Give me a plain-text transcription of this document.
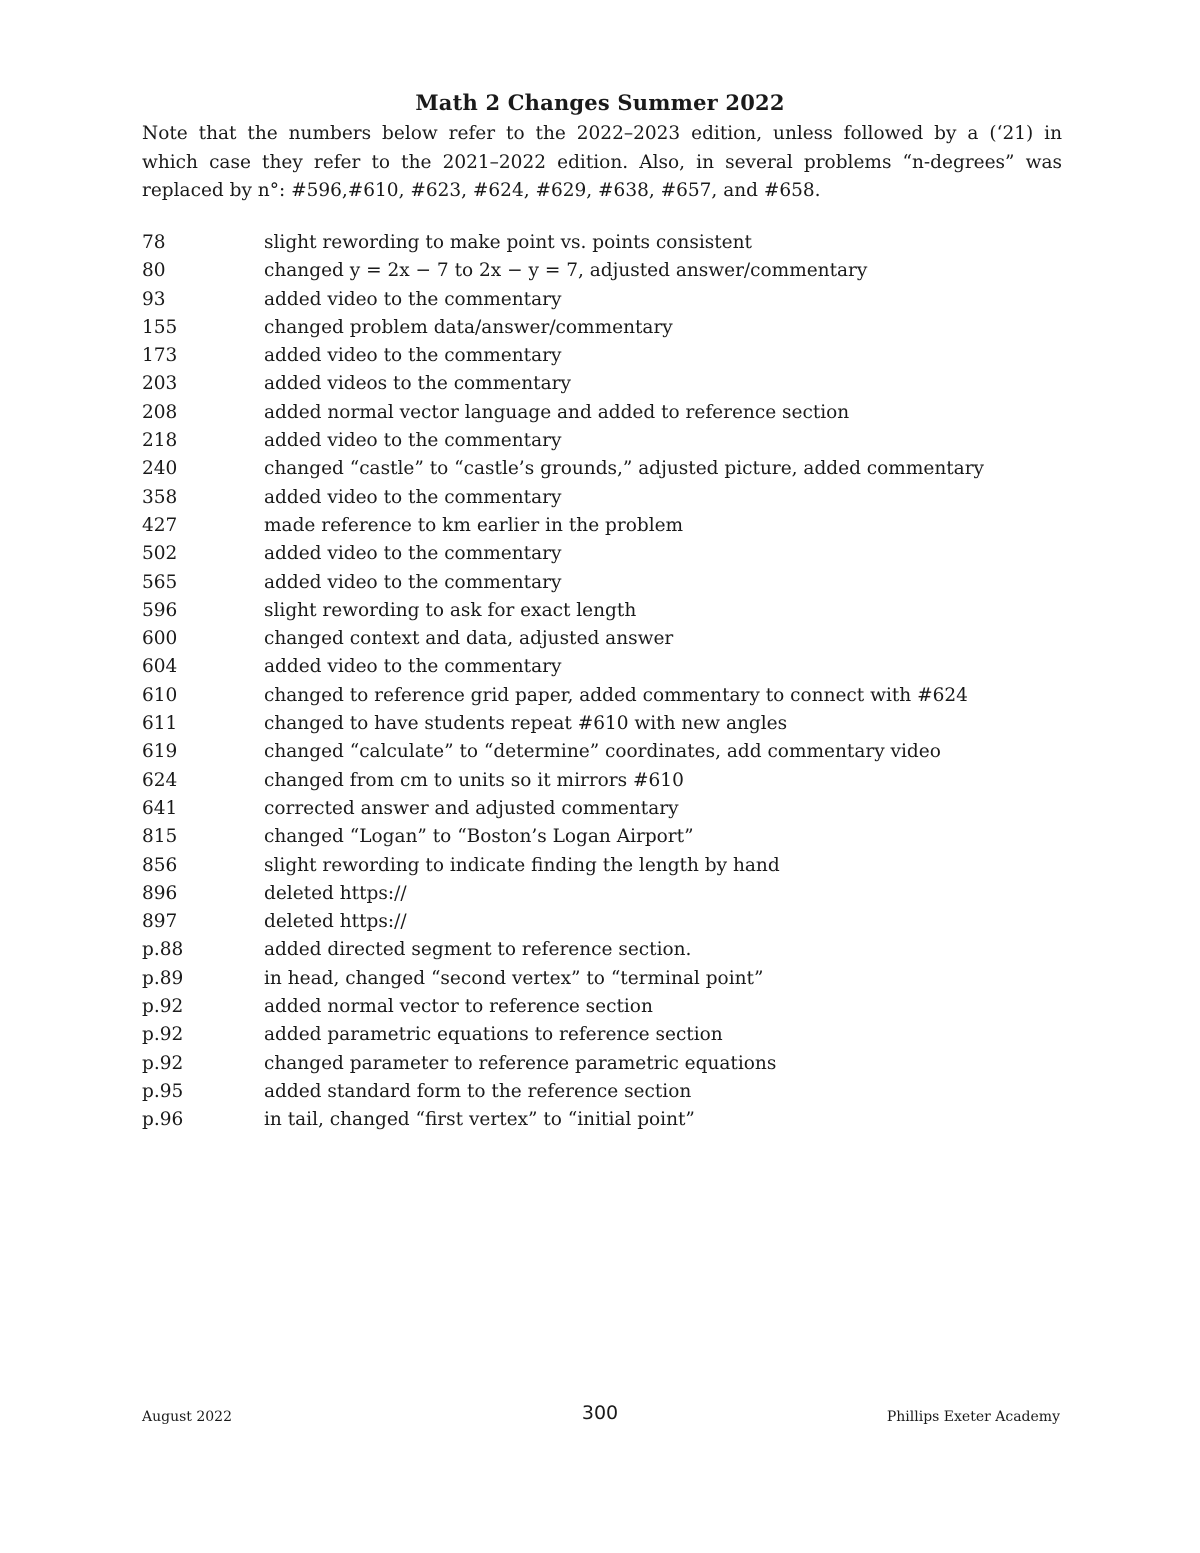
Math 2 Changes Summer 2022
Note that the numbers below refer to the 2022–2023 edition, unless followed by a (‘21) in
which case they refer to the 2021–2022 edition. Also, in several problems “n-degrees” was
replaced by n°: #596,#610, #623, #624, #629, #638, #657, and #658.
78	slight rewording to make point vs. points consistent
80	changed y = 2x − 7 to 2x − y = 7, adjusted answer/commentary
93	added video to the commentary
155	changed problem data/answer/commentary
173	added video to the commentary
203	added videos to the commentary
208	added normal vector language and added to reference section
218	added video to the commentary
240	changed “castle” to “castle’s grounds,” adjusted picture, added commentary
358	added video to the commentary
427	made reference to km earlier in the problem
502	added video to the commentary
565	added video to the commentary
596	slight rewording to ask for exact length
600	changed context and data, adjusted answer
604	added video to the commentary
610	changed to reference grid paper, added commentary to connect with #624
611	changed to have students repeat #610 with new angles
619	changed “calculate” to “determine” coordinates, add commentary video
624	changed from cm to units so it mirrors #610
641	corrected answer and adjusted commentary
815	changed “Logan” to “Boston’s Logan Airport”
856	slight rewording to indicate finding the length by hand
896	deleted https://
897	deleted https://
p.88	added directed segment to reference section.
p.89	in head, changed “second vertex” to “terminal point”
p.92	added normal vector to reference section
p.92	added parametric equations to reference section
p.92	changed parameter to reference parametric equations
p.95	added standard form to the reference section
p.96	in tail, changed “first vertex” to “initial point”
August 2022	300	Phillips Exeter Academy
